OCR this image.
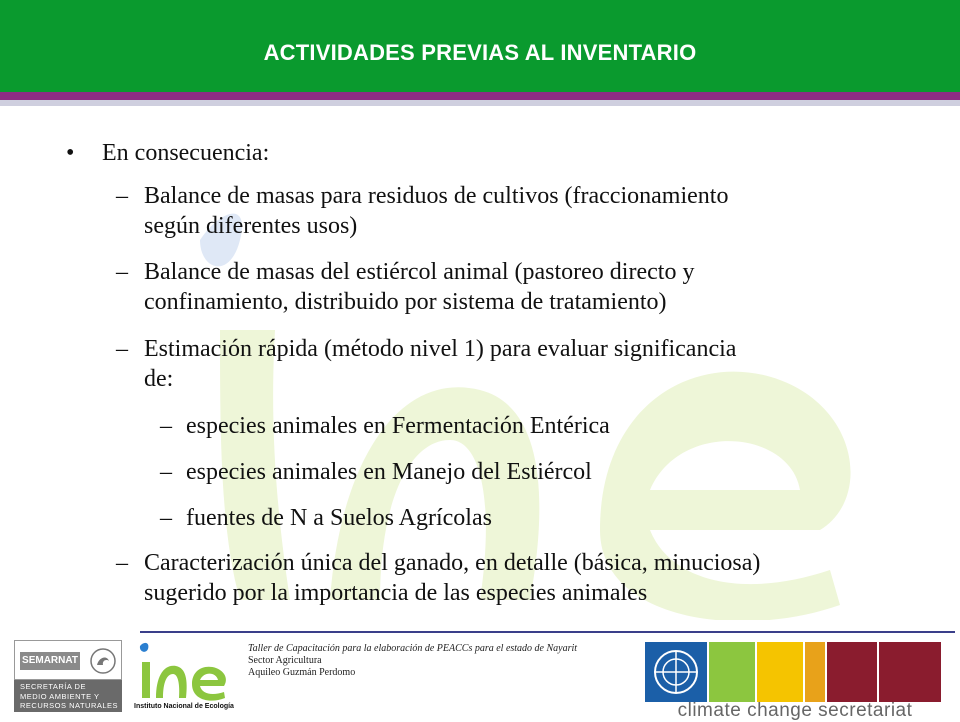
ACTIVIDADES PREVIAS AL INVENTARIO
• En consecuencia:
– Balance de masas para residuos de cultivos (fraccionamiento
según diferentes usos)
– Balance de masas del estiércol animal (pastoreo directo y
confinamiento, distribuido por sistema de tratamiento)
– Estimación rápida (método nivel 1) para evaluar significancia
de:
– especies animales en Fermentación Entérica
– especies animales en Manejo del Estiércol
– fuentes de N a Suelos Agrícolas
– Caracterización única del ganado, en detalle (básica, minuciosa)
sugerido por la importancia de las especies animales
SEMARNAT
SECRETARÍA DE
MEDIO AMBIENTE Y
RECURSOS NATURALES Instituto Nacional de Ecología
Taller de Capacitación para la elaboración de PEACCs para el estado de Nayarit
Sector Agricultura
Aquileo Guzmán Perdomo
climate change secretariat
